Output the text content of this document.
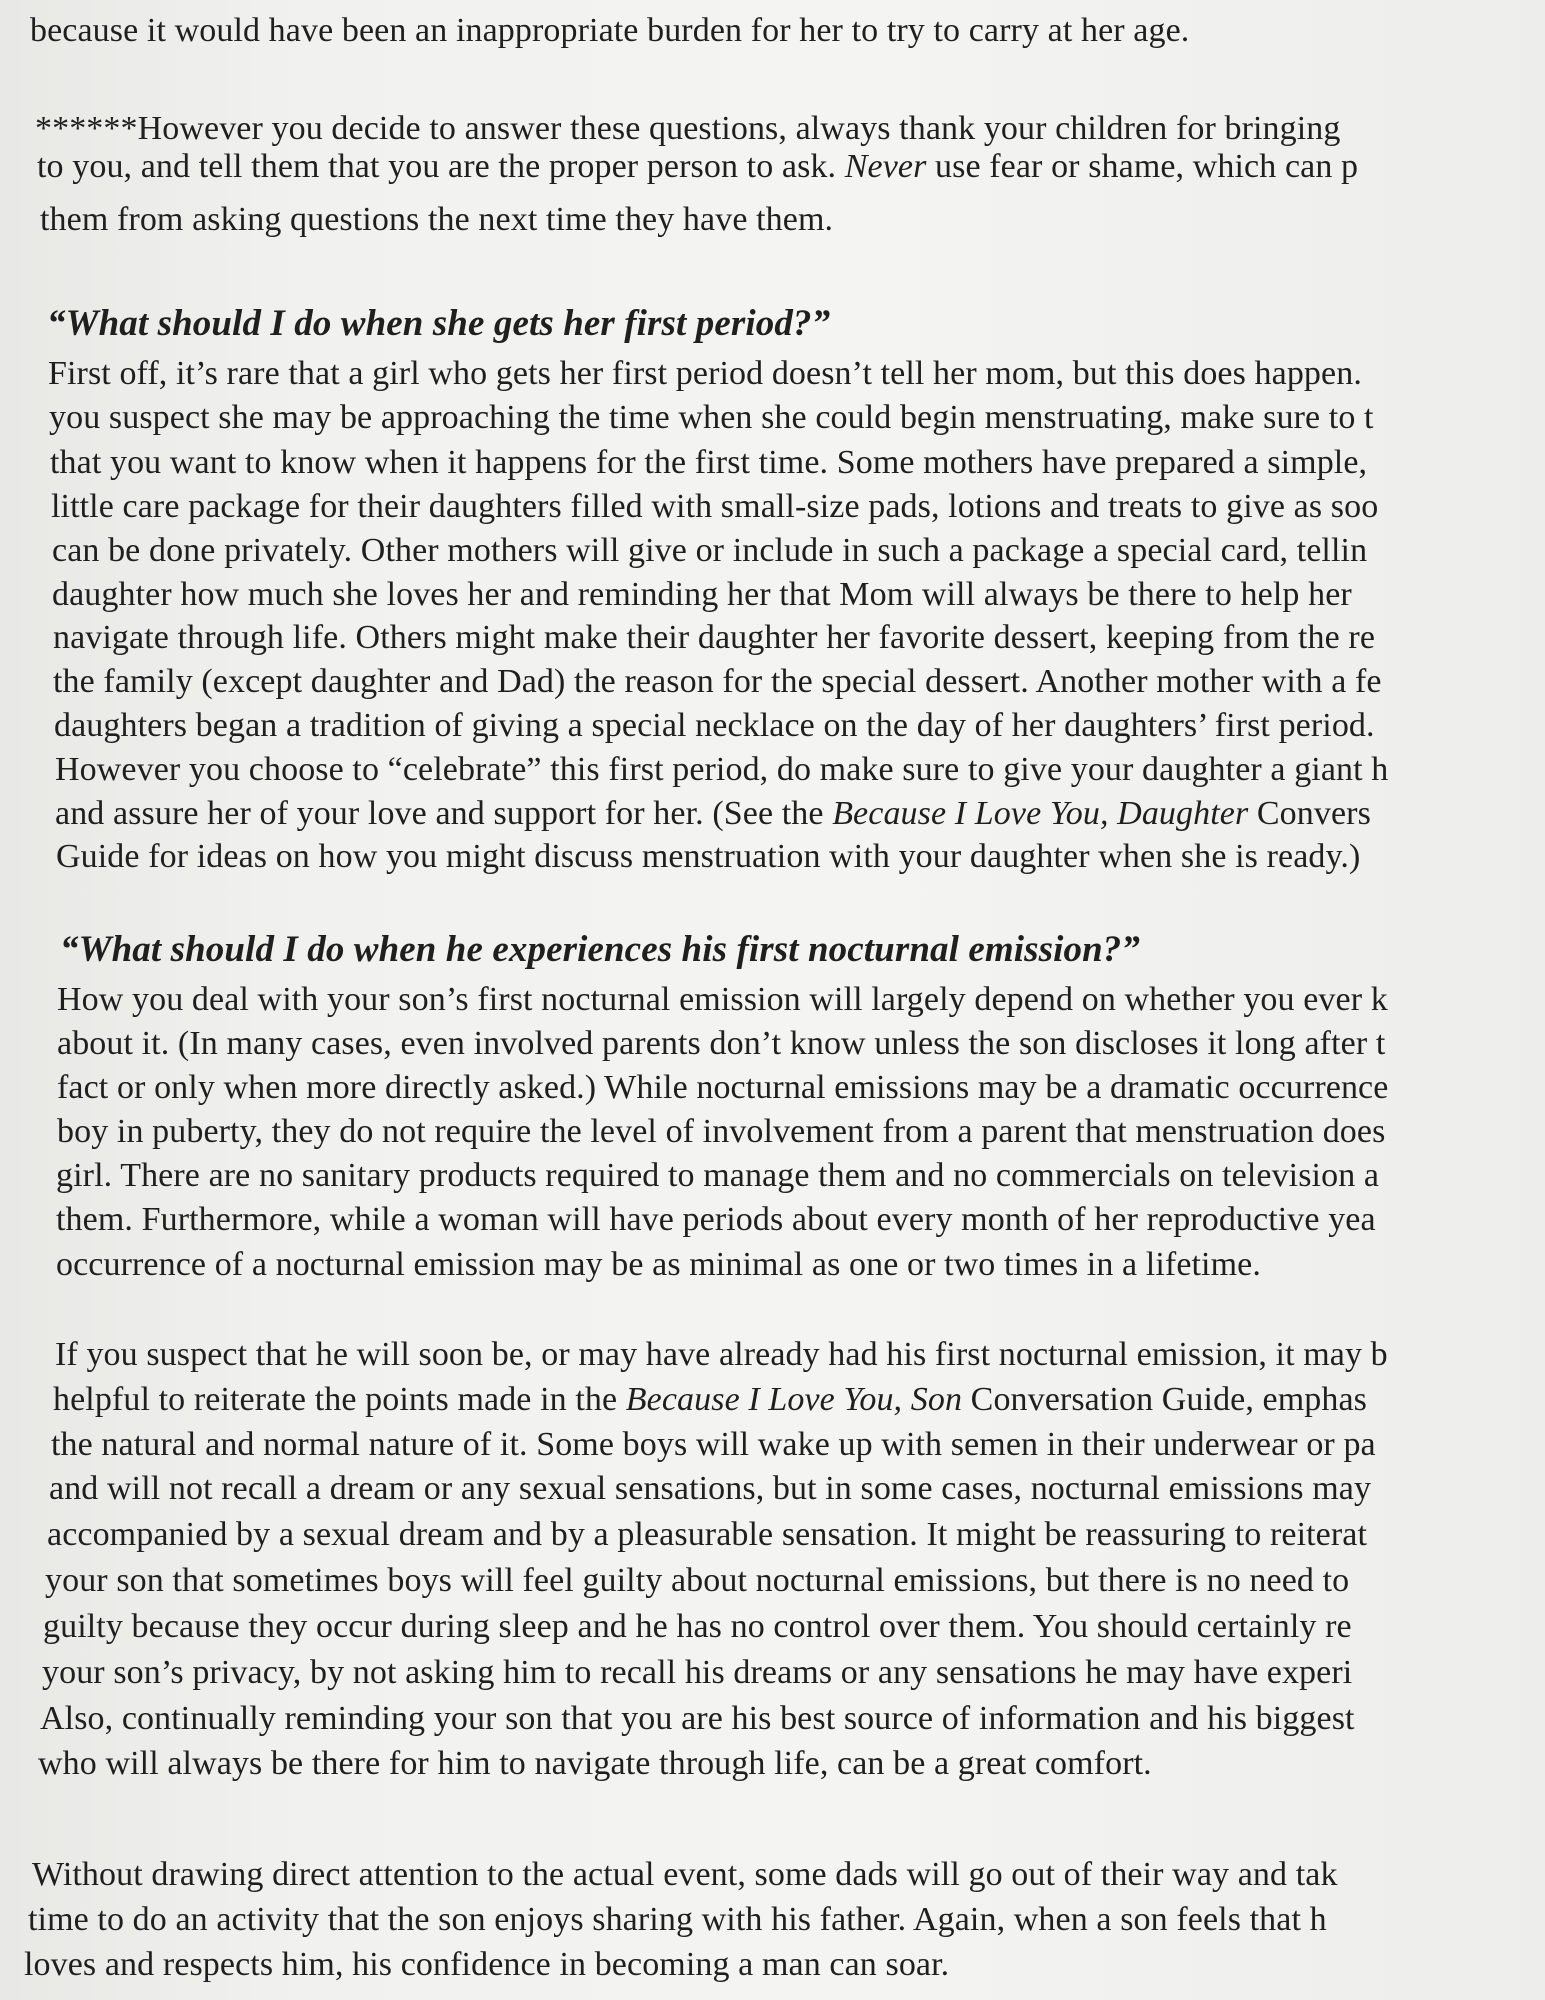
because it would have been an inappropriate burden for her to try to carry at her age.
******However you decide to answer these questions, always thank your children for bringing
to you, and tell them that you are the proper person to ask. Never use fear or shame, which can p
them from asking questions the next time they have them.
“What should I do when she gets her first period?”
First off, it’s rare that a girl who gets her first period doesn’t tell her mom, but this does happen.
you suspect she may be approaching the time when she could begin menstruating, make sure to t
that you want to know when it happens for the first time. Some mothers have prepared a simple,
little care package for their daughters filled with small-size pads, lotions and treats to give as soo
can be done privately. Other mothers will give or include in such a package a special card, tellin
daughter how much she loves her and reminding her that Mom will always be there to help her
navigate through life. Others might make their daughter her favorite dessert, keeping from the re
the family (except daughter and Dad) the reason for the special dessert. Another mother with a fe
daughters began a tradition of giving a special necklace on the day of her daughters’ first period.
However you choose to “celebrate” this first period, do make sure to give your daughter a giant h
and assure her of your love and support for her. (See the Because I Love You, Daughter Convers
Guide for ideas on how you might discuss menstruation with your daughter when she is ready.)
“What should I do when he experiences his first nocturnal emission?”
How you deal with your son’s first nocturnal emission will largely depend on whether you ever k
about it. (In many cases, even involved parents don’t know unless the son discloses it long after t
fact or only when more directly asked.) While nocturnal emissions may be a dramatic occurrence
boy in puberty, they do not require the level of involvement from a parent that menstruation does
girl. There are no sanitary products required to manage them and no commercials on television a
them. Furthermore, while a woman will have periods about every month of her reproductive yea
occurrence of a nocturnal emission may be as minimal as one or two times in a lifetime.
If you suspect that he will soon be, or may have already had his first nocturnal emission, it may b
helpful to reiterate the points made in the Because I Love You, Son Conversation Guide, emphas
the natural and normal nature of it. Some boys will wake up with semen in their underwear or pa
and will not recall a dream or any sexual sensations, but in some cases, nocturnal emissions may
accompanied by a sexual dream and by a pleasurable sensation. It might be reassuring to reiterat
your son that sometimes boys will feel guilty about nocturnal emissions, but there is no need to
guilty because they occur during sleep and he has no control over them. You should certainly re
your son’s privacy, by not asking him to recall his dreams or any sensations he may have experi
Also, continually reminding your son that you are his best source of information and his biggest
who will always be there for him to navigate through life, can be a great comfort.
Without drawing direct attention to the actual event, some dads will go out of their way and tak
time to do an activity that the son enjoys sharing with his father. Again, when a son feels that h
loves and respects him, his confidence in becoming a man can soar.
